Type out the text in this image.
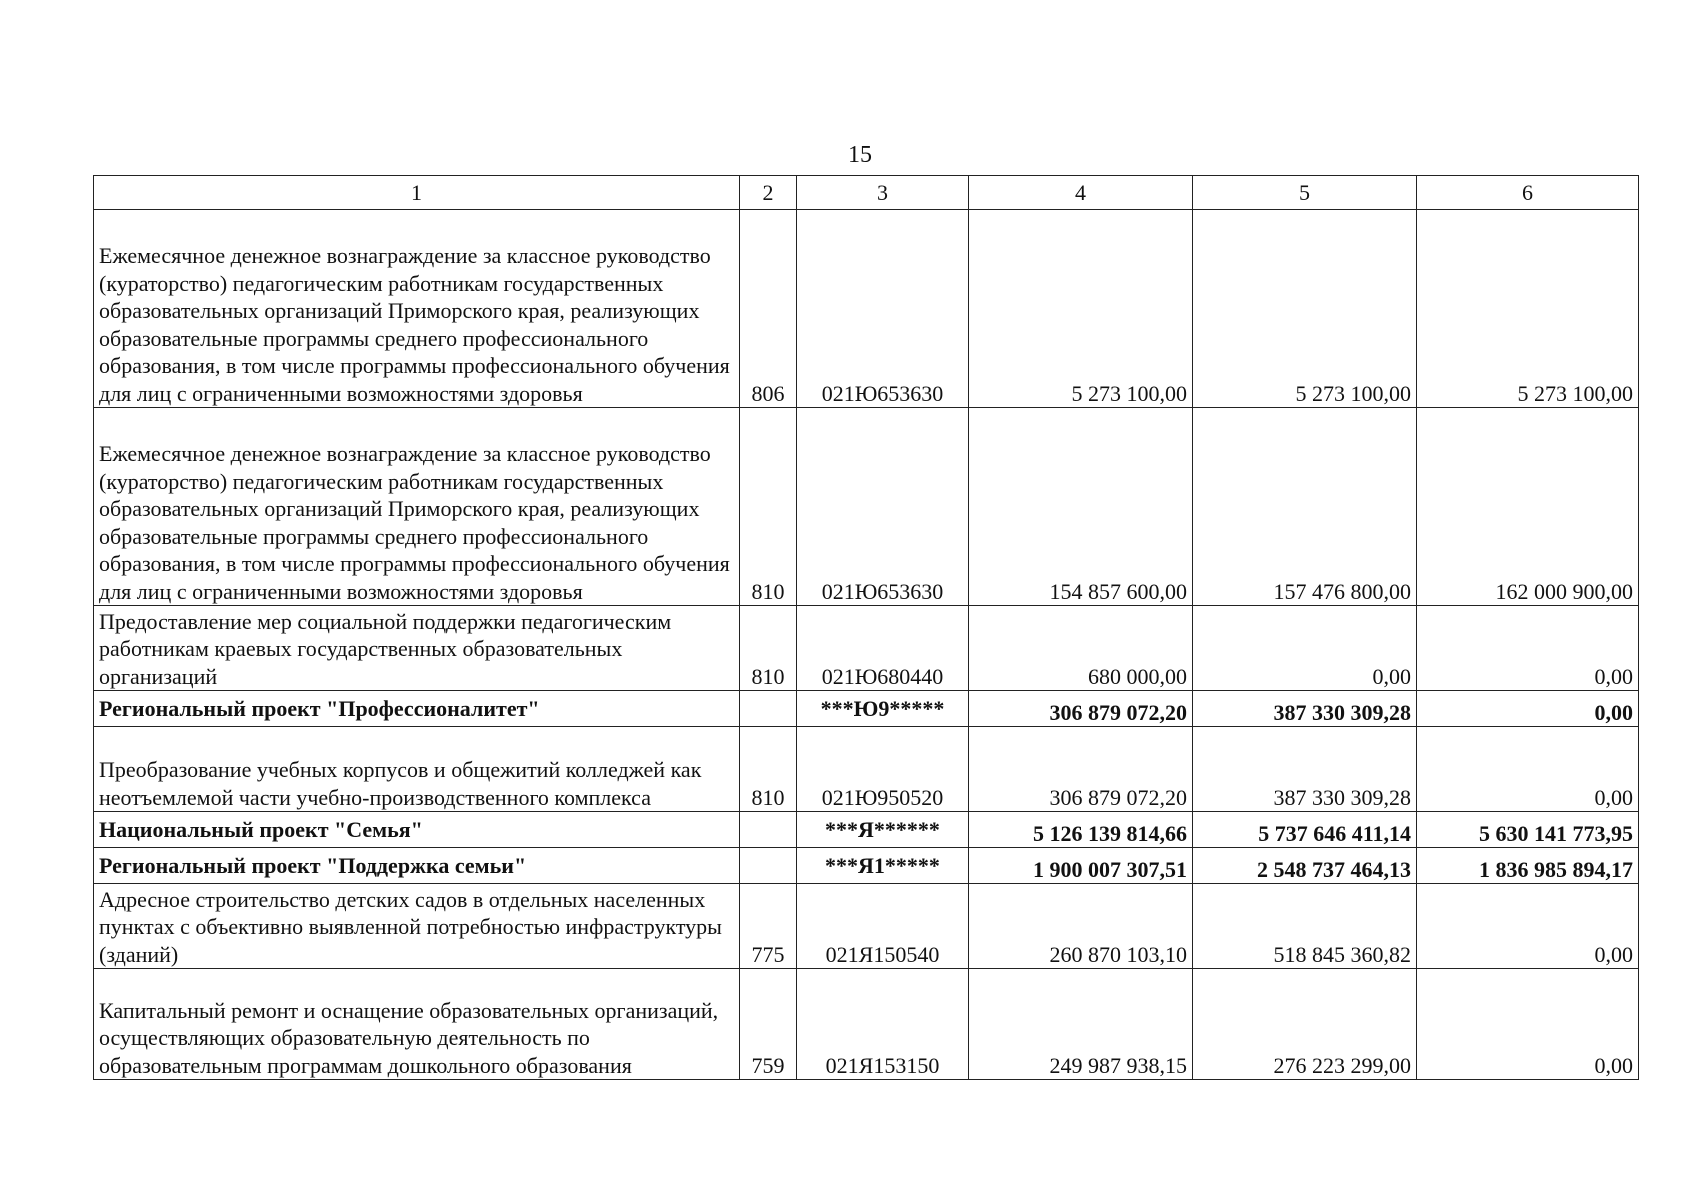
15
1	2	3	4	5	6
Ежемесячное денежное вознаграждение за классное руководство (кураторство) педагогическим работникам государственных образовательных организаций Приморского края, реализующих образовательные программы среднего профессионального образования, в том числе программы профессионального обучения для лиц с ограниченными возможностями здоровья	806	021Ю653630	5 273 100,00	5 273 100,00	5 273 100,00
Ежемесячное денежное вознаграждение за классное руководство (кураторство) педагогическим работникам государственных образовательных организаций Приморского края, реализующих образовательные программы среднего профессионального образования, в том числе программы профессионального обучения для лиц с ограниченными возможностями здоровья	810	021Ю653630	154 857 600,00	157 476 800,00	162 000 900,00
Предоставление мер социальной поддержки педагогическим работникам краевых государственных образовательных организаций	810	021Ю680440	680 000,00	0,00	0,00
Региональный проект "Профессионалитет"		***Ю9*****	306 879 072,20	387 330 309,28	0,00
Преобразование учебных корпусов и общежитий колледжей как неотъемлемой части учебно-производственного комплекса	810	021Ю950520	306 879 072,20	387 330 309,28	0,00
Национальный проект "Семья"		***Я******	5 126 139 814,66	5 737 646 411,14	5 630 141 773,95
Региональный проект "Поддержка семьи"		***Я1*****	1 900 007 307,51	2 548 737 464,13	1 836 985 894,17
Адресное строительство детских садов в отдельных населенных пунктах с объективно выявленной потребностью инфраструктуры (зданий)	775	021Я150540	260 870 103,10	518 845 360,82	0,00
Капитальный ремонт и оснащение образовательных организаций, осуществляющих образовательную деятельность по образовательным программам дошкольного образования	759	021Я153150	249 987 938,15	276 223 299,00	0,00
